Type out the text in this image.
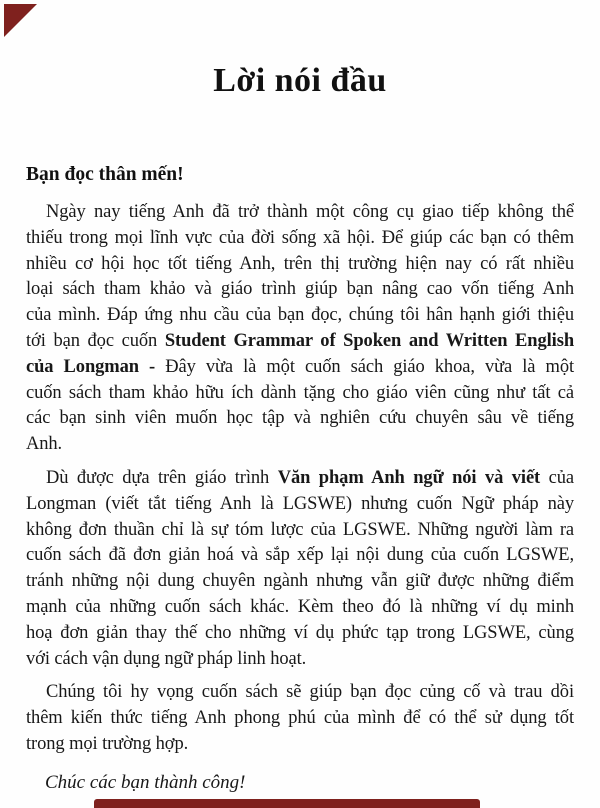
Lời nói đầu
Bạn đọc thân mến!
Ngày nay tiếng Anh đã trở thành một công cụ giao tiếp không thể
thiếu trong mọi lĩnh vực của đời sống xã hội. Để giúp các bạn có thêm
nhiều cơ hội học tốt tiếng Anh, trên thị trường hiện nay có rất nhiều
loại sách tham khảo và giáo trình giúp bạn nâng cao vốn tiếng Anh
của mình. Đáp ứng nhu cầu của bạn đọc, chúng tôi hân hạnh giới thiệu
tới bạn đọc cuốn Student Grammar of Spoken and Written English
của Longman - Đây vừa là một cuốn sách giáo khoa, vừa là một
cuốn sách tham khảo hữu ích dành tặng cho giáo viên cũng như tất cả
các bạn sinh viên muốn học tập và nghiên cứu chuyên sâu về tiếng
Anh.
Dù được dựa trên giáo trình Văn phạm Anh ngữ nói và viết của
Longman (viết tắt tiếng Anh là LGSWE) nhưng cuốn Ngữ pháp này
không đơn thuần chỉ là sự tóm lược của LGSWE. Những người làm ra
cuốn sách đã đơn giản hoá và sắp xếp lại nội dung của cuốn LGSWE,
tránh những nội dung chuyên ngành nhưng vẫn giữ được những điểm
mạnh của những cuốn sách khác. Kèm theo đó là những ví dụ minh
hoạ đơn giản thay thế cho những ví dụ phức tạp trong LGSWE, cùng
với cách vận dụng ngữ pháp linh hoạt.
Chúng tôi hy vọng cuốn sách sẽ giúp bạn đọc củng cố và trau dồi
thêm kiến thức tiếng Anh phong phú của mình để có thể sử dụng tốt
trong mọi trường hợp.
Chúc các bạn thành công!
